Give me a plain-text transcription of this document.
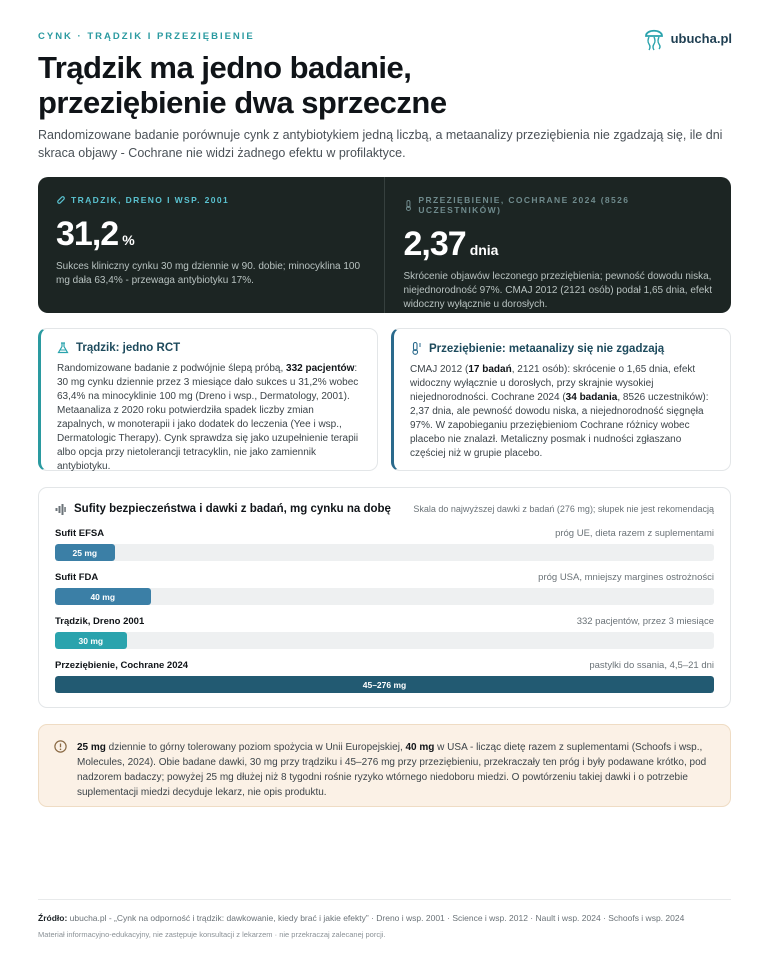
CYNK · TRĄDZIK I PRZEZIĘBIENIE	ubucha.pl
Trądzik ma jedno badanie, przeziębienie dwa sprzeczne

Randomizowane badanie porównuje cynk z antybiotykiem jedną liczbą, a metaanalizy przeziębienia nie zgadzają się, ile dni skraca objawy - Cochrane nie widzi żadnego efektu w profilaktyce.

TRĄDZIK, DRENO I WSP. 2001
31,2 %
Sukces kliniczny cynku 30 mg dziennie w 90. dobie; minocyklina 100 mg dała 63,4% - przewaga antybiotyku 17%.
PRZEZIĘBIENIE, COCHRANE 2024 (8526 UCZESTNIKÓW)
2,37 dnia
Skrócenie objawów leczonego przeziębienia; pewność dowodu niska, niejednorodność 97%. CMAJ 2012 (2121 osób) podał 1,65 dnia, efekt widoczny wyłącznie u dorosłych.
Trądzik: jedno RCT

Randomizowane badanie z podwójnie ślepą próbą, 332 pacjentów: 30 mg cynku dziennie przez 3 miesiące dało sukces u 31,2% wobec 63,4% na minocyklinie 100 mg (Dreno i wsp., Dermatology, 2001). Metaanaliza z 2020 roku potwierdziła spadek liczby zmian zapalnych, w monoterapii i jako dodatek do leczenia (Yee i wsp., Dermatologic Therapy). Cynk sprawdza się jako uzupełnienie terapii albo opcja przy nietolerancji tetracyklin, nie jako zamiennik antybiotyku.

Przeziębienie: metaanalizy się nie zgadzają

CMAJ 2012 (17 badań, 2121 osób): skrócenie o 1,65 dnia, efekt widoczny wyłącznie u dorosłych, przy skrajnie wysokiej niejednorodności. Cochrane 2024 (34 badania, 8526 uczestników): 2,37 dnia, ale pewność dowodu niska, a niejednorodność sięgnęła 97%. W zapobieganiu przeziębieniom Cochrane różnicy wobec placebo nie znalazł. Metaliczny posmak i nudności zgłaszano częściej niż w grupie placebo.

Sufity bezpieczeństwa i dawki z badań, mg cynku na dobę Skala do najwyższej dawki z badań (276 mg); słupek nie jest rekomendacją
Sufit EFSA	próg UE, dieta razem z suplementami
25 mg
Sufit FDA	próg USA, mniejszy margines ostrożności
40 mg
Trądzik, Dreno 2001	332 pacjentów, przez 3 miesiące
30 mg
Przeziębienie, Cochrane 2024	pastylki do ssania, 4,5–21 dni
45–276 mg

25 mg dziennie to górny tolerowany poziom spożycia w Unii Europejskiej, 40 mg w USA - licząc dietę razem z suplementami (Schoofs i wsp., Molecules, 2024). Obie badane dawki, 30 mg przy trądziku i 45–276 mg przy przeziębieniu, przekraczały ten próg i były podawane krótko, pod nadzorem badaczy; powyżej 25 mg dłużej niż 8 tygodni rośnie ryzyko wtórnego niedoboru miedzi. O powtórzeniu takiej dawki i o potrzebie suplementacji miedzi decyduje lekarz, nie opis produktu.

Źródło: ubucha.pl - „Cynk na odporność i trądzik: dawkowanie, kiedy brać i jakie efekty” · Dreno i wsp. 2001 · Science i wsp. 2012 · Nault i wsp. 2024 · Schoofs i wsp. 2024
Materiał informacyjno-edukacyjny, nie zastępuje konsultacji z lekarzem · nie przekraczaj zalecanej porcji.
